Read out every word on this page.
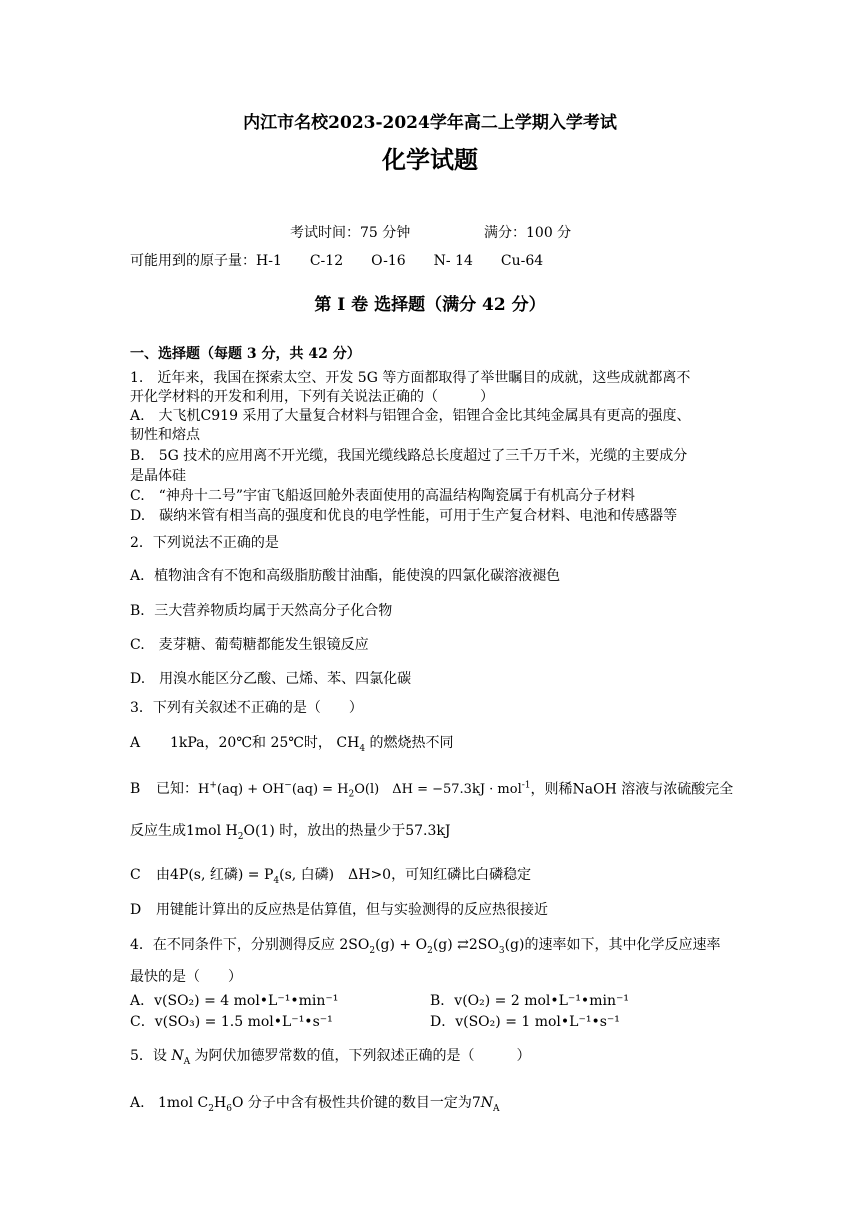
内江市名校2023-2024学年高二上学期入学考试
化学试题
考试时间：75 分钟	满分：100 分
可能用到的原子量：H-1　　C-12　　O-16　　N- 14　　Cu-64
第 I 卷 选择题（满分 42 分）
一、选择题（每题 3 分，共 42 分）
1.　近年来，我国在探索太空、开发 5G 等方面都取得了举世瞩目的成就，这些成就都离不
开化学材料的开发和利用，下列有关说法正确的（　　　）
A.　大飞机C919 采用了大量复合材料与铝锂合金，铝锂合金比其纯金属具有更高的强度、
韧性和熔点
B.　5G 技术的应用离不开光缆，我国光缆线路总长度超过了三千万千米，光缆的主要成分
是晶体硅
C.　“神舟十二号”宇宙飞船返回舱外表面使用的高温结构陶瓷属于有机高分子材料
D.　碳纳米管有相当高的强度和优良的电学性能，可用于生产复合材料、电池和传感器等
2．下列说法不正确的是
A．植物油含有不饱和高级脂肪酸甘油酯，能使溴的四氯化碳溶液褪色
B．三大营养物质均属于天然高分子化合物
C.　麦芽糖、葡萄糖都能发生银镜反应
D.　用溴水能区分乙酸、己烯、苯、四氯化碳
3．下列有关叙述不正确的是（　　）
A 1kPa，20℃和 25℃时， $CH_4$ 的燃烧热不同
B 已知：$H^+(aq) + OH^-(aq) = H_2O(l)$　ΔH = −57.3kJ · mol$^{-1}$，则稀NaOH 溶液与浓硫酸完全
反应生成1mol $H_2O(1)$ 时，放出的热量少于57.3kJ
C 由4P(s, 红磷) = $P_4(s$, 白磷)　ΔH>0，可知红磷比白磷稳定
D 用键能计算出的反应热是估算值，但与实验测得的反应热很接近
4．在不同条件下，分别测得反应 $2SO_2(g) + O_2(g)$ $⇄2SO_3(g)$的速率如下，其中化学反应速率
最快的是（　　）
A．v(SO₂) = 4 mol•L⁻¹•min⁻¹	B．v(O₂) = 2 mol•L⁻¹•min⁻¹
C．v(SO₃) = 1.5 mol•L⁻¹•s⁻¹	D．v(SO₂) = 1 mol•L⁻¹•s⁻¹
5．设 $N_A$ 为阿伏加德罗常数的值，下列叙述正确的是（　　　）
A. 1mol $C_2H_6O$ 分子中含有极性共价键的数目一定为$7N_A$
